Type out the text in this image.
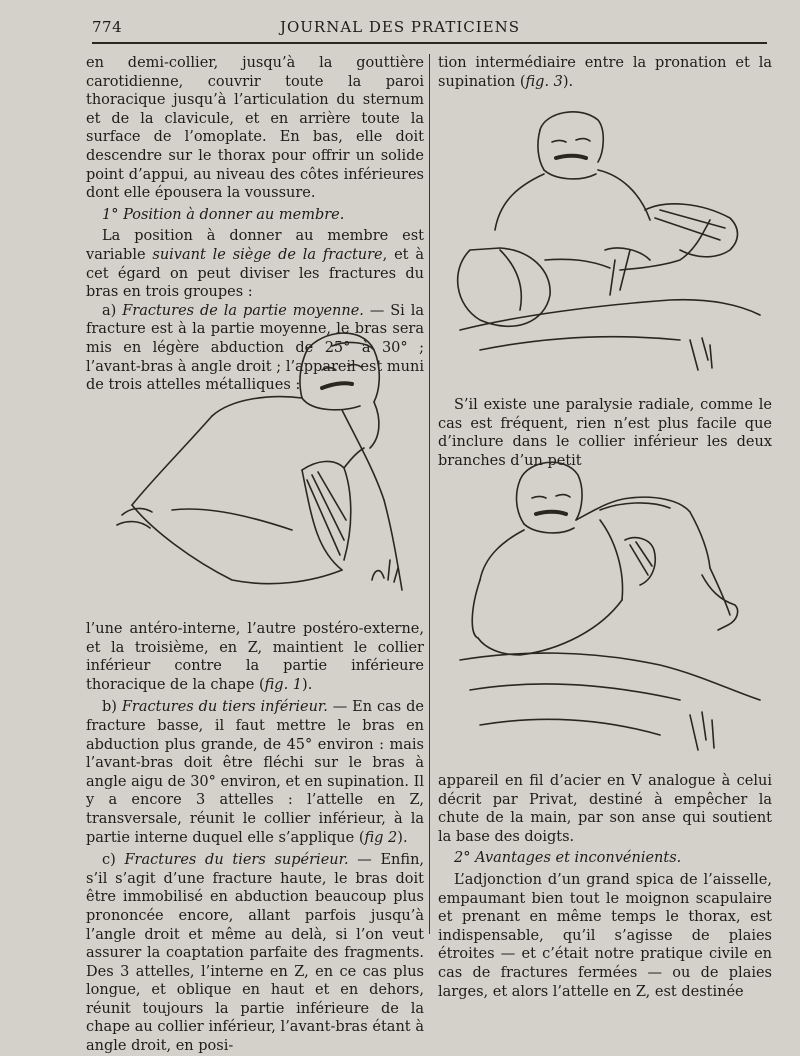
774	JOURNAL DES PRATICIENS

en demi-collier, jusqu’à la gouttière carotidienne, couvrir toute la paroi thoracique jusqu’à l’articulation du sternum et de la clavicule, et en arrière toute la surface de l’omoplate. En bas, elle doit descendre sur le thorax pour offrir un solide point d’appui, au niveau des côtes inférieures dont elle épousera la voussure.

1° Position à donner au membre.

La position à donner au membre est variable suivant le siège de la fracture, et à cet égard on peut diviser les fractures du bras en trois groupes :

a) Fractures de la partie moyenne. — Si la fracture est à la partie moyenne, le bras sera mis en légère abduction de 25° à 30° ; l’avant-bras à angle droit ; l’appareil est muni de trois attelles métalliques :

l’une antéro-interne, l’autre postéro-externe, et la troisième, en Z, maintient le collier inférieur contre la partie inférieure thoracique de la chape (fig. 1).

b) Fractures du tiers inférieur. — En cas de fracture basse, il faut mettre le bras en abduction plus grande, de 45° environ : mais l’avant-bras doit être fléchi sur le bras à angle aigu de 30° environ, et en supination. Il y a encore 3 attelles : l’attelle en Z, transversale, réunit le collier inférieur, à la partie interne duquel elle s’applique (fig 2).

c) Fractures du tiers supérieur. — Enfin, s’il s’agit d’une fracture haute, le bras doit être immobilisé en abduction beaucoup plus prononcée encore, allant parfois jusqu’à l’angle droit et même au delà, si l’on veut assurer la coaptation parfaite des fragments. Des 3 attelles, l’interne en Z, en ce cas plus longue, et oblique en haut et en dehors, réunit toujours la partie inférieure de la chape au collier inférieur, l’avant-bras étant à angle droit, en posi-

tion intermédiaire entre la pronation et la supination (fig. 3).

S’il existe une paralysie radiale, comme le cas est fréquent, rien n’est plus facile que d’inclure dans le collier inférieur les deux branches d’un petit

appareil en fil d’acier en V analogue à celui décrit par Privat, destiné à empêcher la chute de la main, par son anse qui soutient la base des doigts.

2° Avantages et inconvénients.

L’adjonction d’un grand spica de l’aisselle, empaumant bien tout le moignon scapulaire et prenant en même temps le thorax, est indispensable, qu’il s’agisse de plaies étroites — et c’était notre pratique civile en cas de fractures fermées — ou de plaies larges, et alors l’attelle en Z, est destinée
